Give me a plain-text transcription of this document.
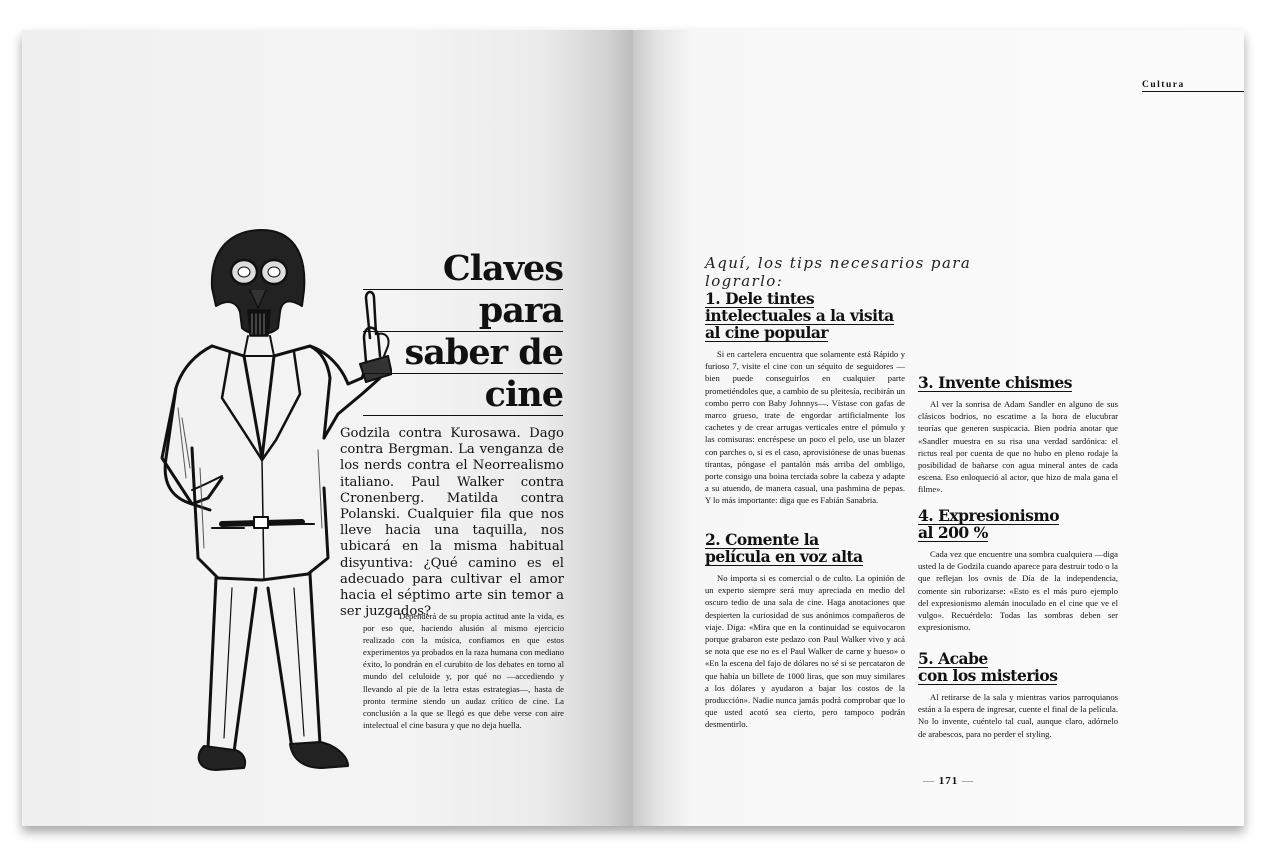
Claves
para
saber de
cine
Godzila contra Kurosawa. Dago contra Bergman. La venganza de los nerds contra el Neorrealismo italiano. Paul Walker contra Cronenberg. Matilda contra Polanski. Cualquier fila que nos lleve hacia una taquilla, nos ubicará en la misma habitual disyuntiva: ¿Qué camino es el adecuado para cultivar el amor hacia el séptimo arte sin temor a ser juzgados?
Dependerá de su propia actitud ante la vida, es por eso que, haciendo alusión al mismo ejercicio realizado con la música, confiamos en que estos experimentos ya probados en la raza humana con mediano éxito, lo pondrán en el curubito de los debates en torno al mundo del celuloide y, por qué no —accediendo y llevando al pie de la letra estas estrategias—, hasta de pronto termine siendo un audaz crítico de cine. La conclusión a la que se llegó es que debe verse con aire intelectual el cine basura y que no deja huella.
Cultura
Aquí, los tips necesarios para lograrlo:
1. Dele tintes
intelectuales a la visita
al cine popular

Si en cartelera encuentra que solamente está Rápido y furioso 7, visite el cine con un séquito de seguidores —bien puede conseguirlos en cualquier parte prometiéndoles que, a cambio de su pleitesía, recibirán un combo perro con Baby Johnnys—. Vístase con gafas de marco grueso, trate de engordar artificialmente los cachetes y de crear arrugas verticales entre el pómulo y las comisuras: encréspese un poco el pelo, use un blazer con parches o, si es el caso, aprovisiónese de unas buenas tirantas, póngase el pantalón más arriba del ombligo, porte consigo una boina terciada sobre la cabeza y adapte a su atuendo, de manera casual, una pashmina de pepas. Y lo más importante: diga que es Fabián Sanabria.

2. Comente la
película en voz alta

No importa si es comercial o de culto. La opinión de un experto siempre será muy apreciada en medio del oscuro tedio de una sala de cine. Haga anotaciones que despierten la curiosidad de sus anónimos compañeros de viaje. Diga: «Mira que en la continuidad se equivocaron porque grabaron este pedazo con Paul Walker vivo y acá se nota que ese no es el Paul Walker de carne y hueso» o «En la escena del fajo de dólares no sé si se percataron de que había un billete de 1000 liras, que son muy similares a los dólares y ayudaron a bajar los costos de la producción». Nadie nunca jamás podrá comprobar que lo que usted acotó sea cierto, pero tampoco podrán desmentirlo.

3. Invente chismes

Al ver la sonrisa de Adam Sandler en alguno de sus clásicos bodrios, no escatime a la hora de elucubrar teorías que generen suspicacia. Bien podría anotar que «Sandler muestra en su risa una verdad sardónica: el rictus real por cuenta de que no hubo en pleno rodaje la posibilidad de bañarse con agua mineral antes de cada escena. Eso enloqueció al actor, que hizo de mala gana el filme».

4. Expresionismo
al 200 %

Cada vez que encuentre una sombra cualquiera —diga usted la de Godzila cuando aparece para destruir todo o la que reflejan los ovnis de Día de la independencia, comente sin ruborizarse: «Esto es el más puro ejemplo del expresionismo alemán inoculado en el cine que ve el vulgo». Recuérdelo: Todas las sombras deben ser expresionismo.

5. Acabe
con los misterios

Al retirarse de la sala y mientras varios parroquianos están a la espera de ingresar, cuente el final de la película. No lo invente, cuéntelo tal cual, aunque claro, adórnelo de arabescos, para no perder el styling.

— 171 —
